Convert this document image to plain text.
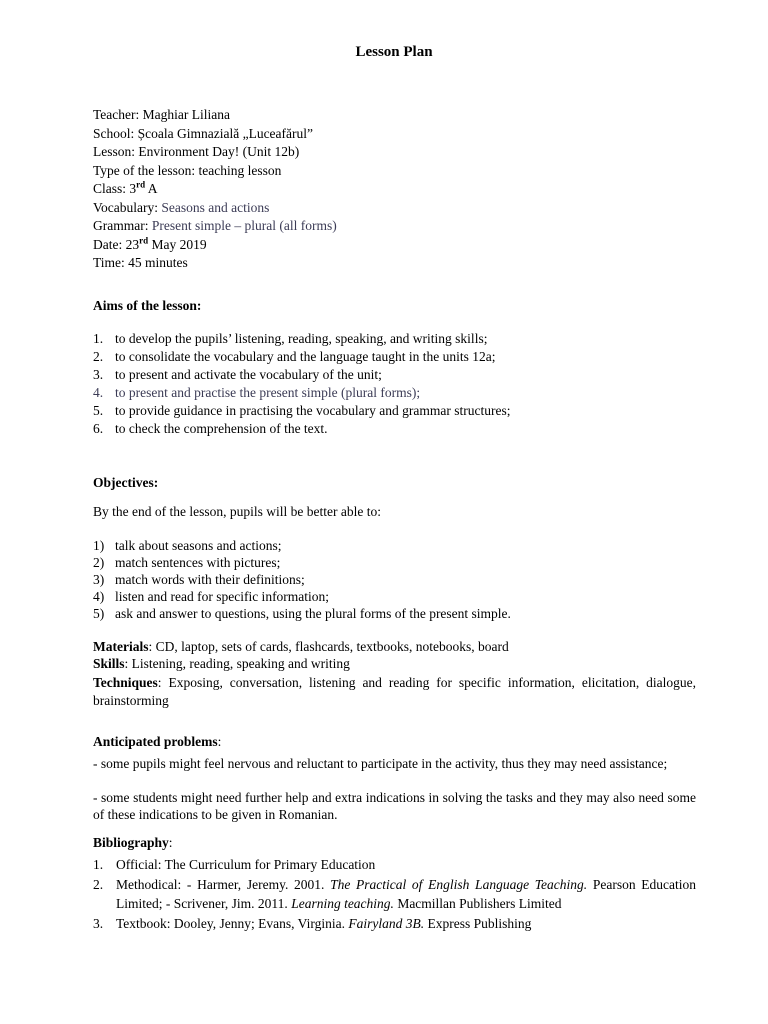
Lesson Plan
Teacher: Maghiar Liliana
School: Școala Gimnazială „Luceafărul”
Lesson: Environment Day! (Unit 12b)
Type of the lesson: teaching lesson
Class: 3rd A
Vocabulary: Seasons and actions
Grammar: Present simple – plural (all forms)
Date: 23rd May 2019
Time: 45 minutes
Aims of the lesson:
1. to develop the pupils’ listening, reading, speaking, and writing skills;
2. to consolidate the vocabulary and the language taught in the units 12a;
3. to present and activate the vocabulary of the unit;
4. to present and practise the present simple (plural forms);
5. to provide guidance in practising the vocabulary and grammar structures;
6. to check the comprehension of the text.
Objectives:
By the end of the lesson, pupils will be better able to:
1) talk about seasons and actions;
2) match sentences with pictures;
3) match words with their definitions;
4) listen and read for specific information;
5) ask and answer to questions, using the plural forms of the present simple.
Materials: CD, laptop, sets of cards, flashcards, textbooks, notebooks, board
Skills: Listening, reading, speaking and writing
Techniques: Exposing, conversation, listening and reading for specific information, elicitation, dialogue, brainstorming
Anticipated problems:
- some pupils might feel nervous and reluctant to participate in the activity, thus they may need assistance;
- some students might need further help and extra indications in solving the tasks and they may also need some of these indications to be given in Romanian.
Bibliography:
1. Official: The Curriculum for Primary Education
2. Methodical: - Harmer, Jeremy. 2001. The Practical of English Language Teaching. Pearson Education Limited; - Scrivener, Jim. 2011. Learning teaching. Macmillan Publishers Limited
3. Textbook: Dooley, Jenny; Evans, Virginia. Fairyland 3B. Express Publishing
